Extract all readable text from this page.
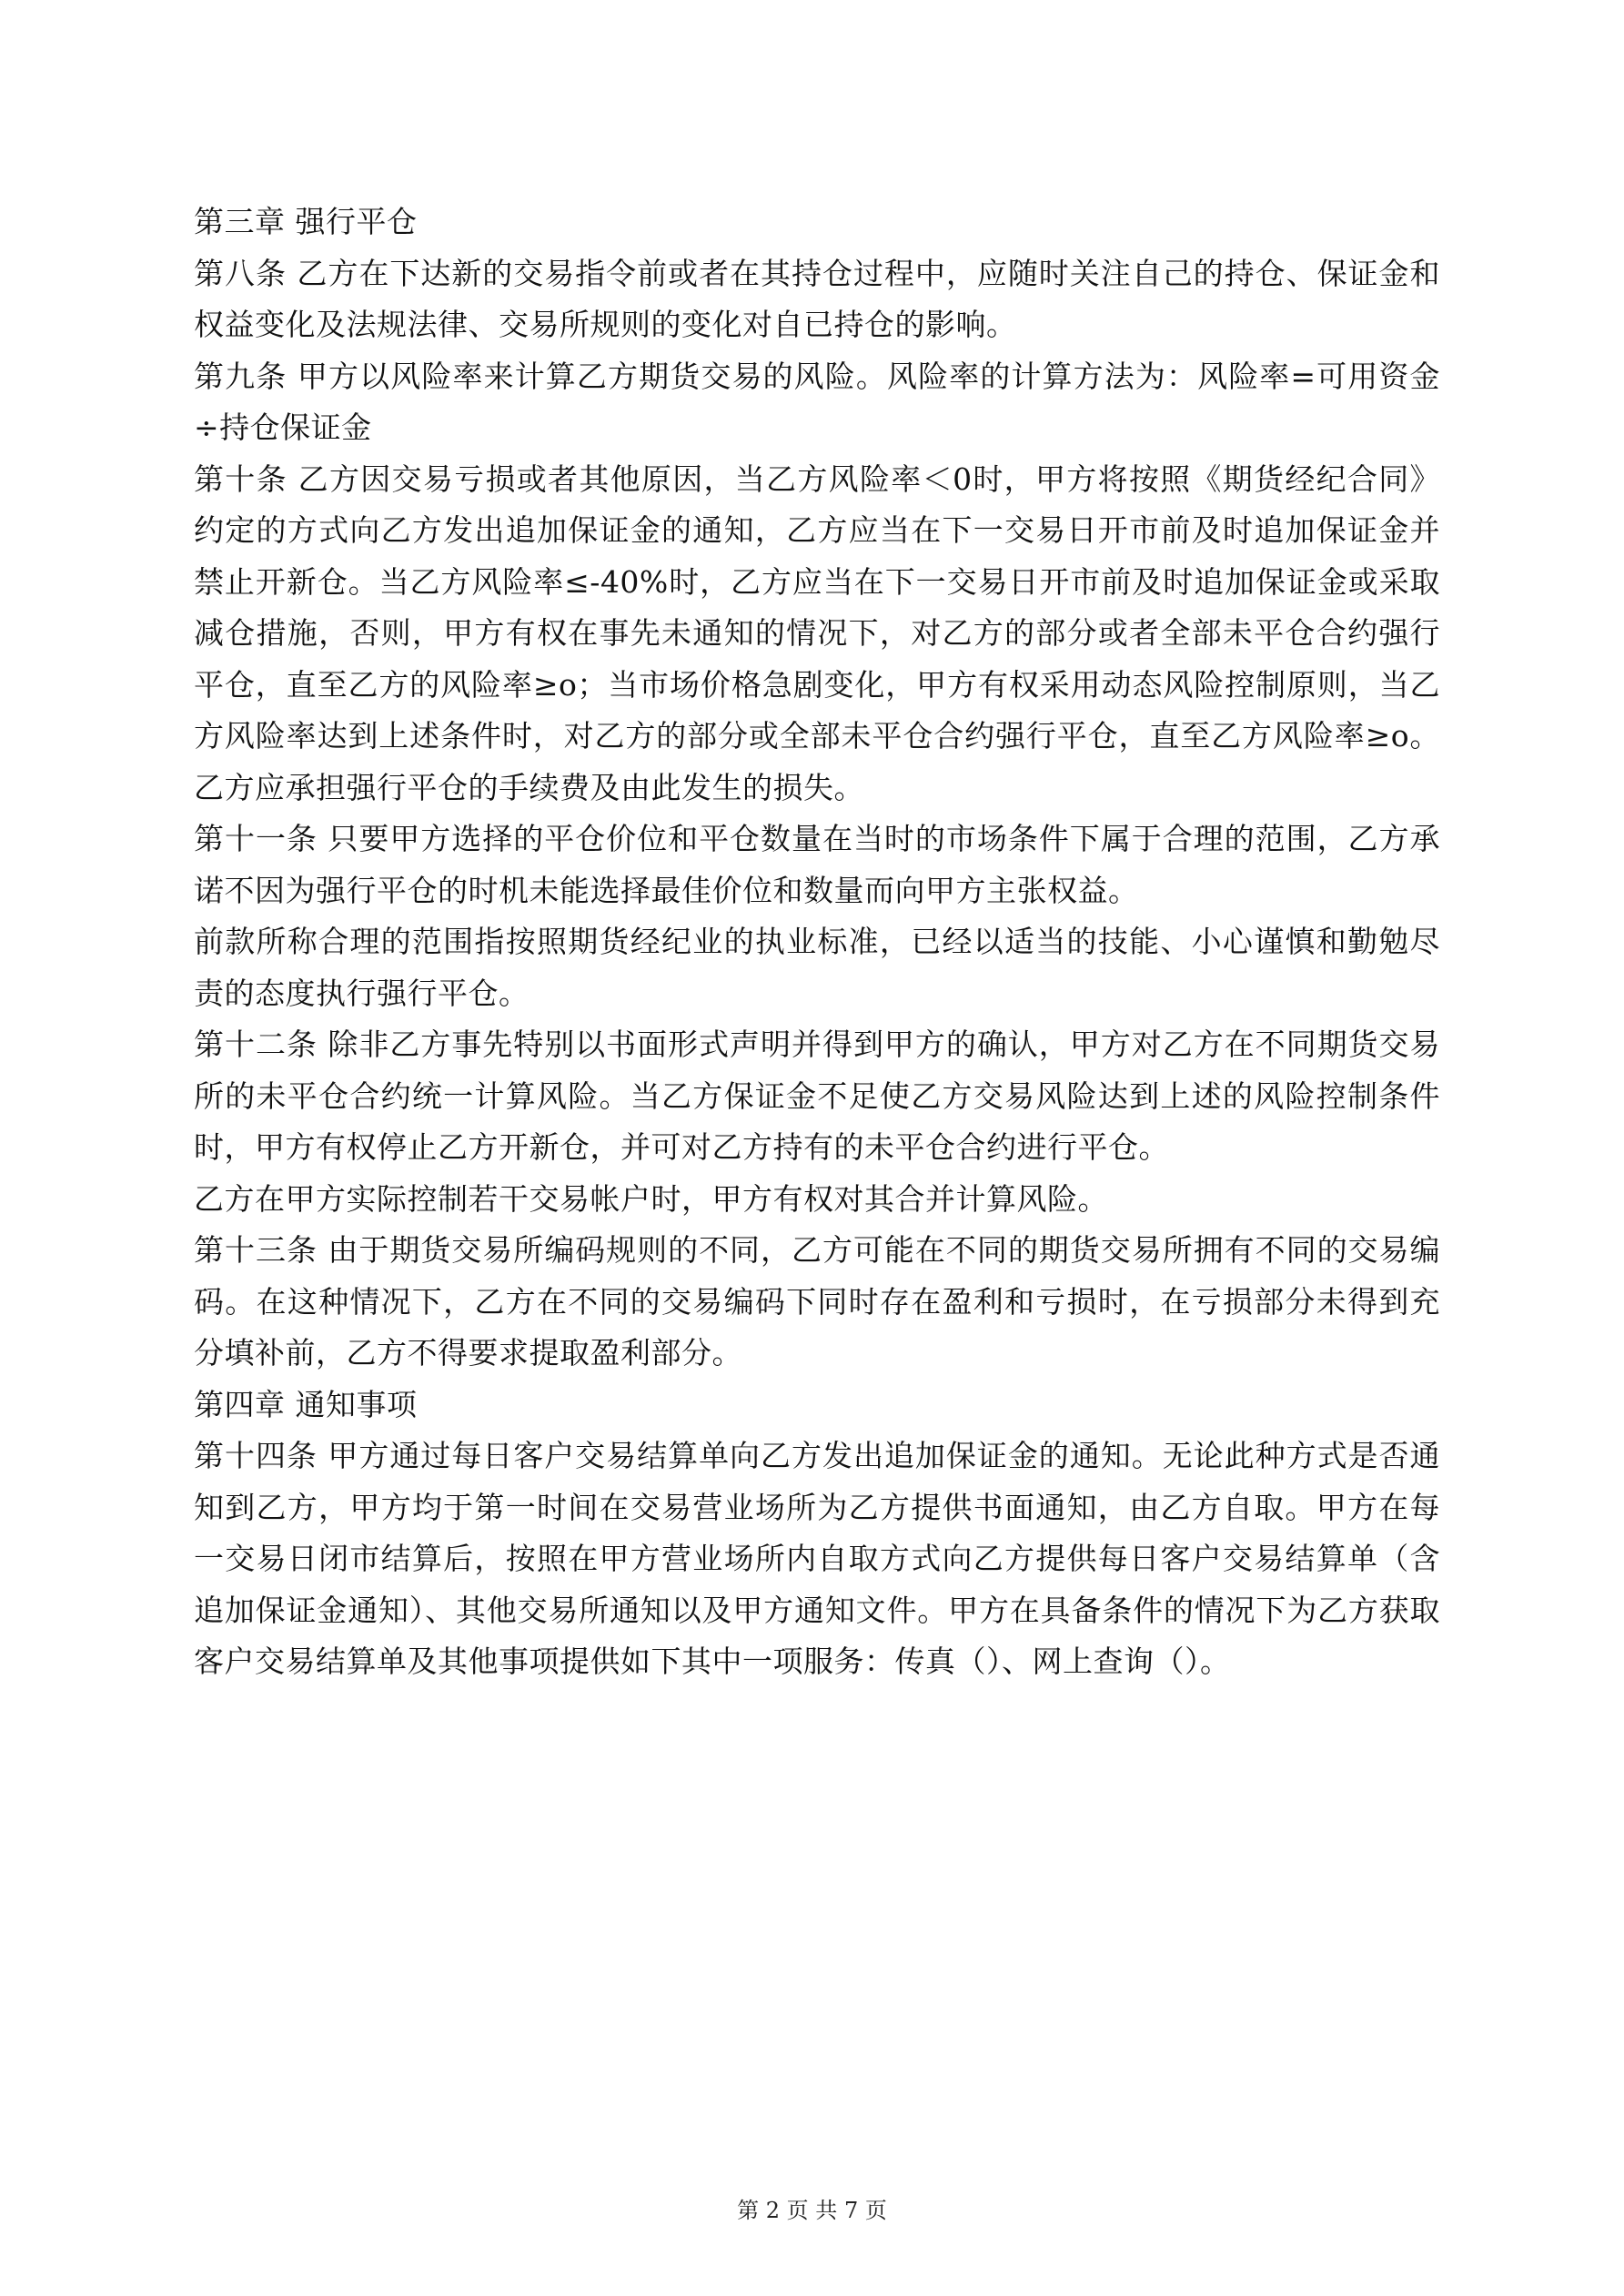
第三章 强行平仓

第八条 乙方在下达新的交易指令前或者在其持仓过程中，应随时关注自己的持仓、保证金和权益变化及法规法律、交易所规则的变化对自已持仓的影响。

第九条 甲方以风险率来计算乙方期货交易的风险。风险率的计算方法为：风险率=可用资金÷持仓保证金

第十条 乙方因交易亏损或者其他原因，当乙方风险率＜0时，甲方将按照《期货经纪合同》约定的方式向乙方发出追加保证金的通知，乙方应当在下一交易日开市前及时追加保证金并禁止开新仓。当乙方风险率≤-40%时，乙方应当在下一交易日开市前及时追加保证金或采取减仓措施，否则，甲方有权在事先未通知的情况下，对乙方的部分或者全部未平仓合约强行平仓，直至乙方的风险率≥o；当市场价格急剧变化，甲方有权采用动态风险控制原则，当乙方风险率达到上述条件时，对乙方的部分或全部未平仓合约强行平仓，直至乙方风险率≥o。乙方应承担强行平仓的手续费及由此发生的损失。

第十一条 只要甲方选择的平仓价位和平仓数量在当时的市场条件下属于合理的范围，乙方承诺不因为强行平仓的时机未能选择最佳价位和数量而向甲方主张权益。

前款所称合理的范围指按照期货经纪业的执业标准，已经以适当的技能、小心谨慎和勤勉尽责的态度执行强行平仓。

第十二条 除非乙方事先特别以书面形式声明并得到甲方的确认，甲方对乙方在不同期货交易所的未平仓合约统一计算风险。当乙方保证金不足使乙方交易风险达到上述的风险控制条件时，甲方有权停止乙方开新仓，并可对乙方持有的未平仓合约进行平仓。

乙方在甲方实际控制若干交易帐户时，甲方有权对其合并计算风险。

第十三条 由于期货交易所编码规则的不同，乙方可能在不同的期货交易所拥有不同的交易编码。在这种情况下，乙方在不同的交易编码下同时存在盈利和亏损时，在亏损部分未得到充分填补前，乙方不得要求提取盈利部分。

第四章 通知事项

第十四条 甲方通过每日客户交易结算单向乙方发出追加保证金的通知。无论此种方式是否通知到乙方，甲方均于第一时间在交易营业场所为乙方提供书面通知，由乙方自取。甲方在每一交易日闭市结算后，按照在甲方营业场所内自取方式向乙方提供每日客户交易结算单（含追加保证金通知）、其他交易所通知以及甲方通知文件。甲方在具备条件的情况下为乙方获取客户交易结算单及其他事项提供如下其中一项服务：传真（）、网上查询（）。

第 2 页 共 7 页
